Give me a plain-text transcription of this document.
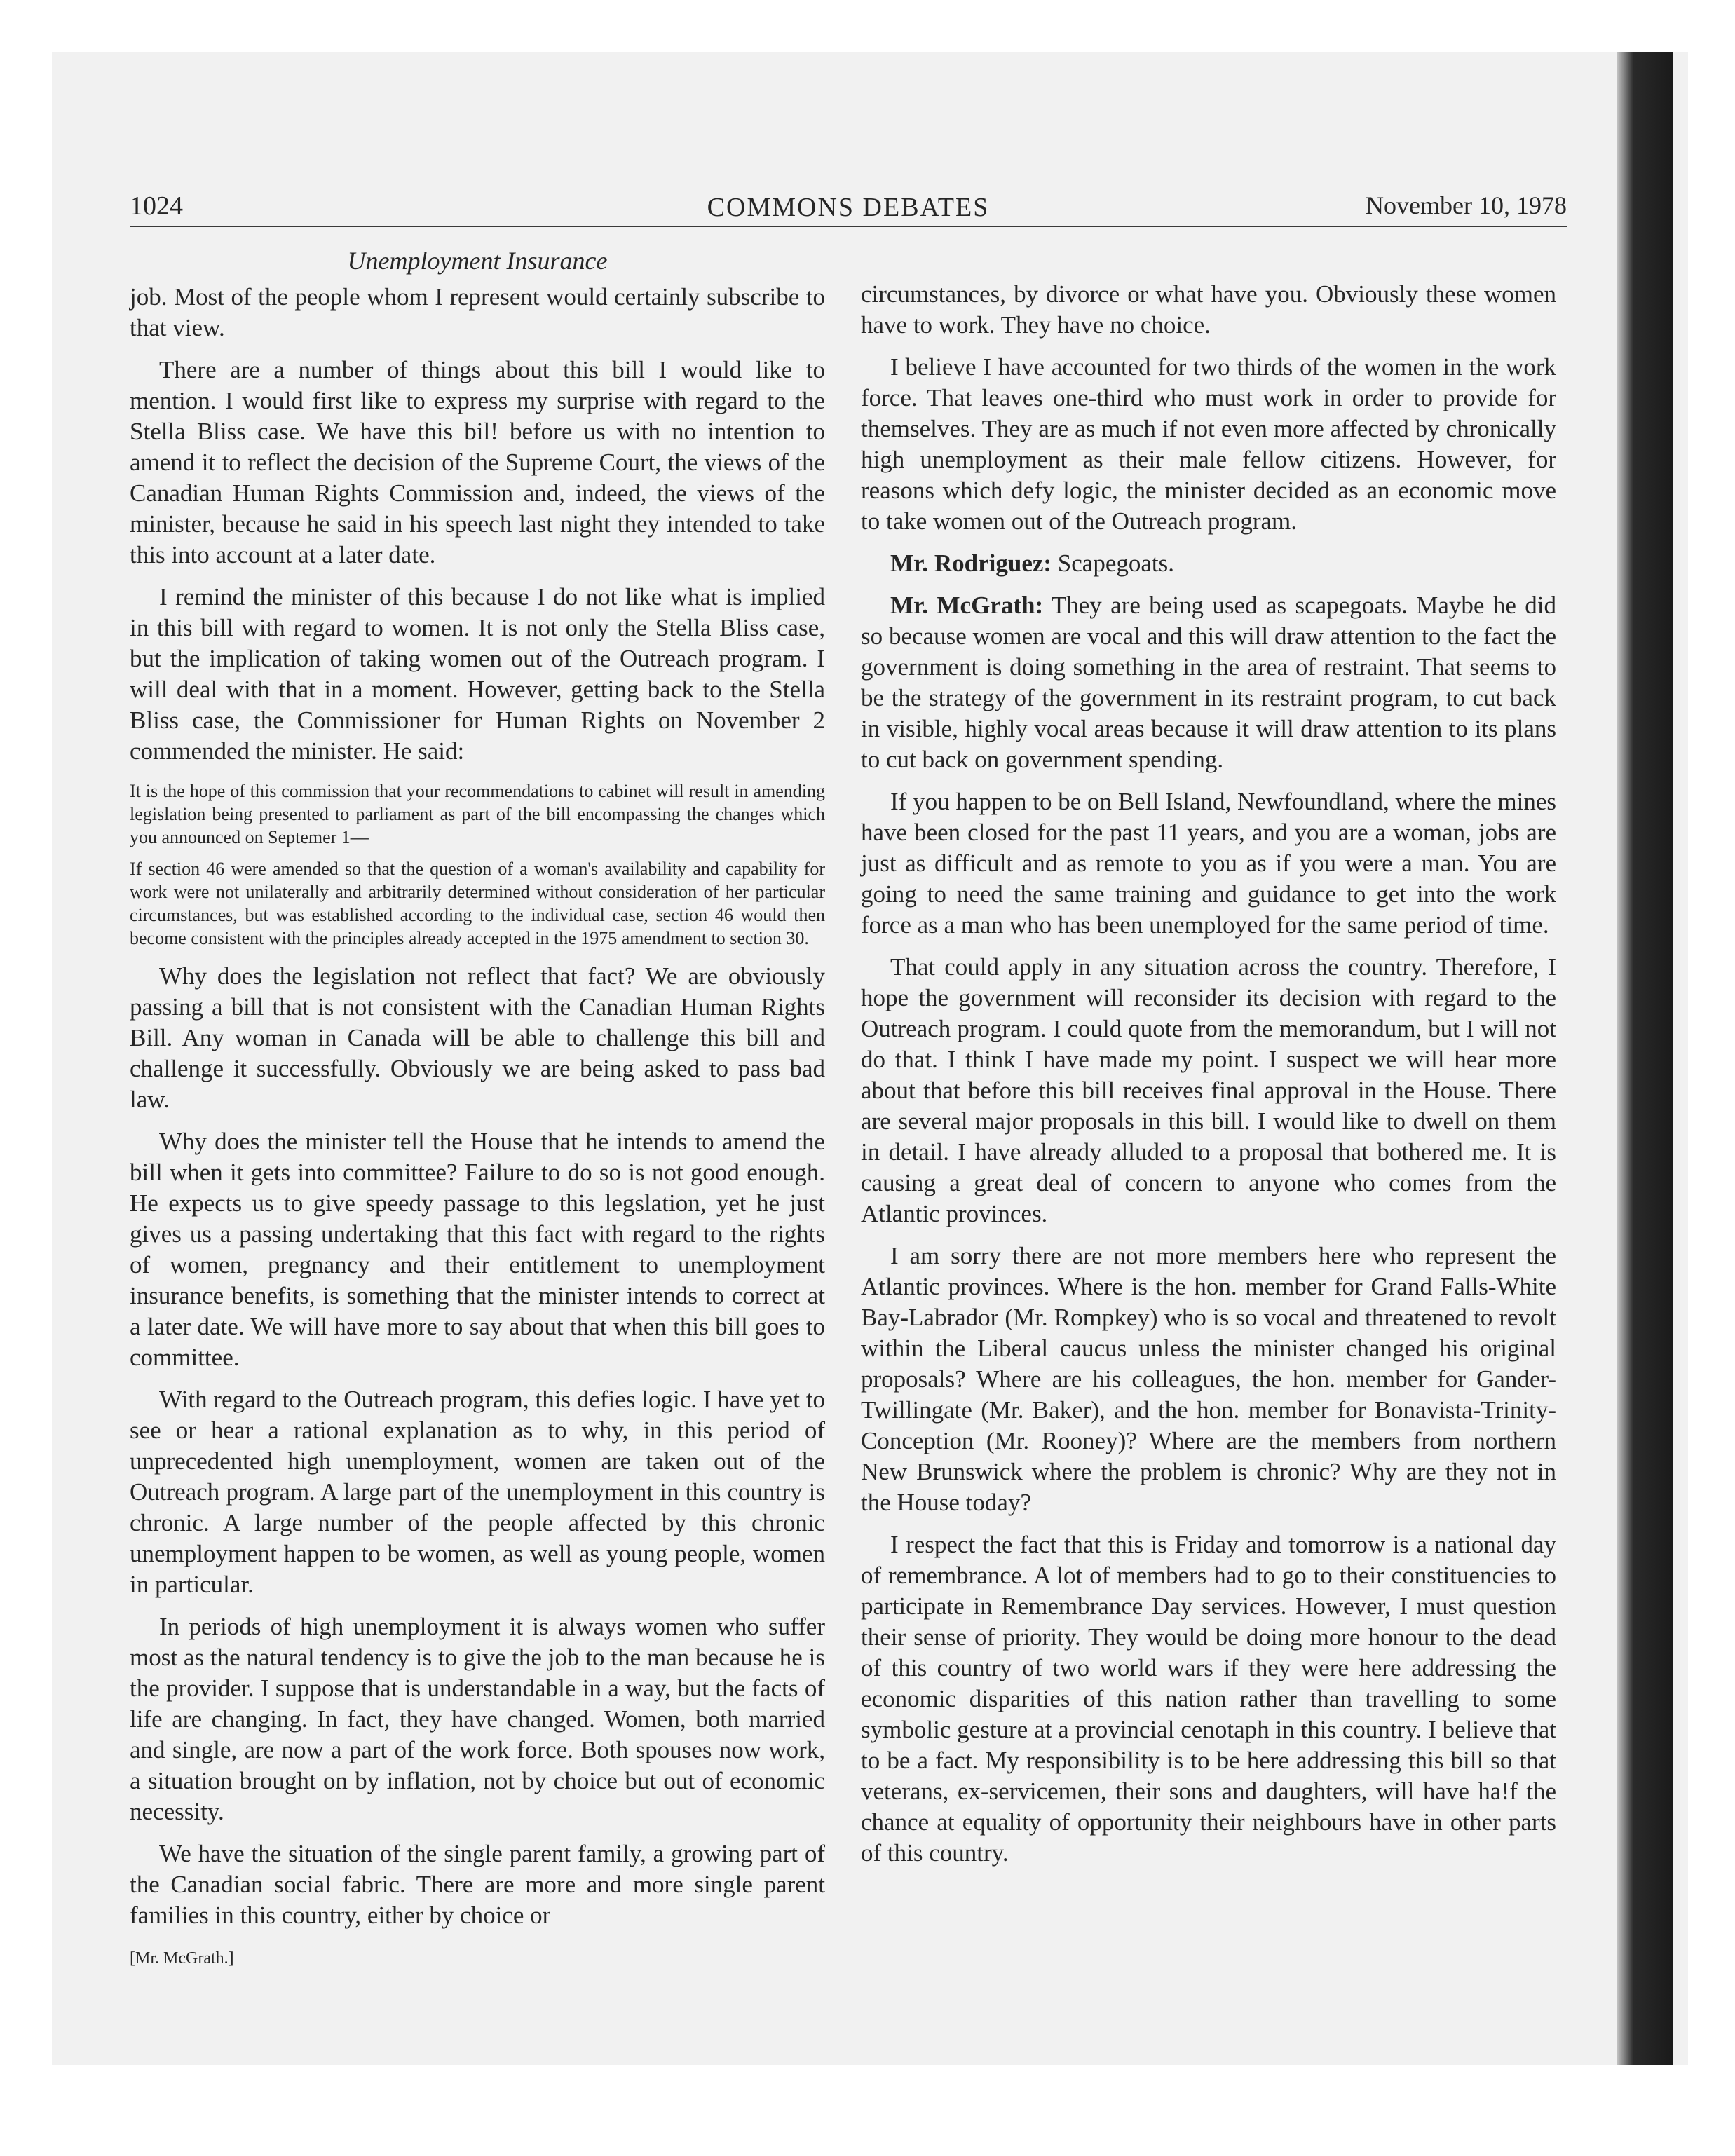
1024	COMMONS DEBATES	November 10, 1978
Unemployment Insurance

job. Most of the people whom I represent would certainly subscribe to that view.

There are a number of things about this bill I would like to mention. I would first like to express my surprise with regard to the Stella Bliss case. We have this bil! before us with no intention to amend it to reflect the decision of the Supreme Court, the views of the Canadian Human Rights Commission and, indeed, the views of the minister, because he said in his speech last night they intended to take this into account at a later date.

I remind the minister of this because I do not like what is implied in this bill with regard to women. It is not only the Stella Bliss case, but the implication of taking women out of the Outreach program. I will deal with that in a moment. However, getting back to the Stella Bliss case, the Commissioner for Human Rights on November 2 commended the minister. He said:

It is the hope of this commission that your recommendations to cabinet will result in amending legislation being presented to parliament as part of the bill encompassing the changes which you announced on Septemer 1—

If section 46 were amended so that the question of a woman's availability and capability for work were not unilaterally and arbitrarily determined without consideration of her particular circumstances, but was established according to the individual case, section 46 would then become consistent with the principles already accepted in the 1975 amendment to section 30.

Why does the legislation not reflect that fact? We are obviously passing a bill that is not consistent with the Canadian Human Rights Bill. Any woman in Canada will be able to challenge this bill and challenge it successfully. Obviously we are being asked to pass bad law.

Why does the minister tell the House that he intends to amend the bill when it gets into committee? Failure to do so is not good enough. He expects us to give speedy passage to this legslation, yet he just gives us a passing undertaking that this fact with regard to the rights of women, pregnancy and their entitlement to unemployment insurance benefits, is something that the minister intends to correct at a later date. We will have more to say about that when this bill goes to committee.

With regard to the Outreach program, this defies logic. I have yet to see or hear a rational explanation as to why, in this period of unprecedented high unemployment, women are taken out of the Outreach program. A large part of the unemployment in this country is chronic. A large number of the people affected by this chronic unemployment happen to be women, as well as young people, women in particular.

In periods of high unemployment it is always women who suffer most as the natural tendency is to give the job to the man because he is the provider. I suppose that is understandable in a way, but the facts of life are changing. In fact, they have changed. Women, both married and single, are now a part of the work force. Both spouses now work, a situation brought on by inflation, not by choice but out of economic necessity.

We have the situation of the single parent family, a growing part of the Canadian social fabric. There are more and more single parent families in this country, either by choice or

[Mr. McGrath.]

circumstances, by divorce or what have you. Obviously these women have to work. They have no choice.

I believe I have accounted for two thirds of the women in the work force. That leaves one-third who must work in order to provide for themselves. They are as much if not even more affected by chronically high unemployment as their male fellow citizens. However, for reasons which defy logic, the minister decided as an economic move to take women out of the Outreach program.

Mr. Rodriguez: Scapegoats.

Mr. McGrath: They are being used as scapegoats. Maybe he did so because women are vocal and this will draw attention to the fact the government is doing something in the area of restraint. That seems to be the strategy of the government in its restraint program, to cut back in visible, highly vocal areas because it will draw attention to its plans to cut back on government spending.

If you happen to be on Bell Island, Newfoundland, where the mines have been closed for the past 11 years, and you are a woman, jobs are just as difficult and as remote to you as if you were a man. You are going to need the same training and guidance to get into the work force as a man who has been unemployed for the same period of time.

That could apply in any situation across the country. Therefore, I hope the government will reconsider its decision with regard to the Outreach program. I could quote from the memorandum, but I will not do that. I think I have made my point. I suspect we will hear more about that before this bill receives final approval in the House. There are several major proposals in this bill. I would like to dwell on them in detail. I have already alluded to a proposal that bothered me. It is causing a great deal of concern to anyone who comes from the Atlantic provinces.

I am sorry there are not more members here who represent the Atlantic provinces. Where is the hon. member for Grand Falls-White Bay-Labrador (Mr. Rompkey) who is so vocal and threatened to revolt within the Liberal caucus unless the minister changed his original proposals? Where are his colleagues, the hon. member for Gander-Twillingate (Mr. Baker), and the hon. member for Bonavista-Trinity-Conception (Mr. Rooney)? Where are the members from northern New Brunswick where the problem is chronic? Why are they not in the House today?

I respect the fact that this is Friday and tomorrow is a national day of remembrance. A lot of members had to go to their constituencies to participate in Remembrance Day services. However, I must question their sense of priority. They would be doing more honour to the dead of this country of two world wars if they were here addressing the economic disparities of this nation rather than travelling to some symbolic gesture at a provincial cenotaph in this country. I believe that to be a fact. My responsibility is to be here addressing this bill so that veterans, ex-servicemen, their sons and daughters, will have ha!f the chance at equality of opportunity their neighbours have in other parts of this country.
